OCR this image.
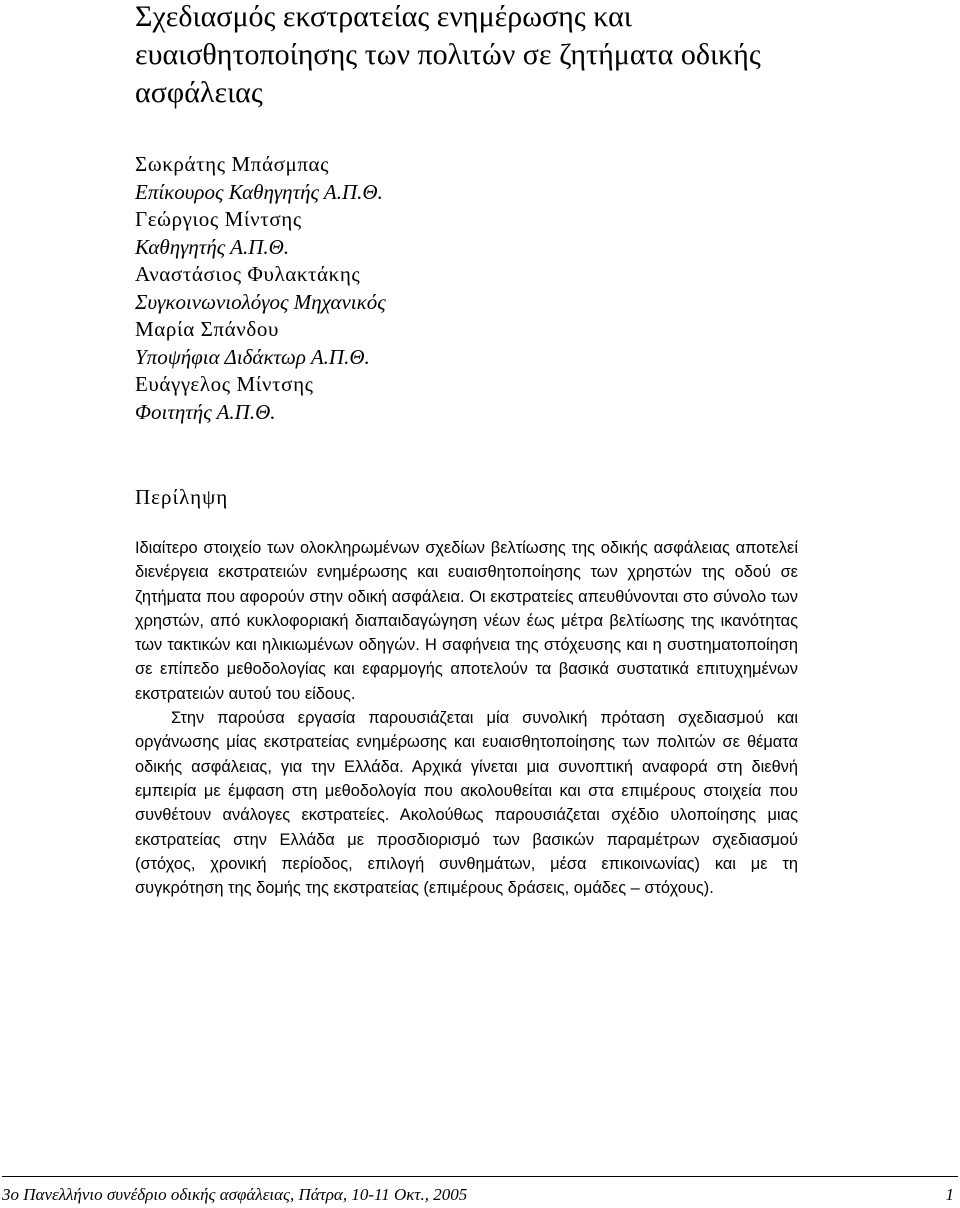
Σχεδιασμός εκστρατείας ενημέρωσης και ευαισθητοποίησης των πολιτών σε ζητήματα οδικής ασφάλειας
Σωκράτης Μπάσμπας
Επίκουρος Καθηγητής Α.Π.Θ.
Γεώργιος Μίντσης
Καθηγητής Α.Π.Θ.
Αναστάσιος Φυλακτάκης
Συγκοινωνιολόγος Μηχανικός
Μαρία Σπάνδου
Υποψήφια Διδάκτωρ Α.Π.Θ.
Ευάγγελος Μίντσης
Φοιτητής Α.Π.Θ.
Περίληψη

Ιδιαίτερο στοιχείο των ολοκληρωμένων σχεδίων βελτίωσης της οδικής ασφάλειας αποτελεί διενέργεια εκστρατειών ενημέρωσης και ευαισθητοποίησης των χρηστών της οδού σε ζητήματα που αφορούν στην οδική ασφάλεια. Οι εκστρατείες απευθύνονται στο σύνολο των χρηστών, από κυκλοφοριακή διαπαιδαγώγηση νέων έως μέτρα βελτίωσης της ικανότητας των τακτικών και ηλικιωμένων οδηγών. Η σαφήνεια της στόχευσης και η συστηματοποίηση σε επίπεδο μεθοδολογίας και εφαρμογής αποτελούν τα βασικά συστατικά επιτυχημένων εκστρατειών αυτού του είδους.

Στην παρούσα εργασία παρουσιάζεται μία συνολική πρόταση σχεδιασμού και οργάνωσης μίας εκστρατείας ενημέρωσης και ευαισθητοποίησης των πολιτών σε θέματα οδικής ασφάλειας, για την Ελλάδα. Αρχικά γίνεται μια συνοπτική αναφορά στη διεθνή εμπειρία με έμφαση στη μεθοδολογία που ακολουθείται και στα επιμέρους στοιχεία που συνθέτουν ανάλογες εκστρατείες. Ακολούθως παρουσιάζεται σχέδιο υλοποίησης μιας εκστρατείας στην Ελλάδα με προσδιορισμό των βασικών παραμέτρων σχεδιασμού (στόχος, χρονική περίοδος, επιλογή συνθημάτων, μέσα επικοινωνίας) και με τη συγκρότηση της δομής της εκστρατείας (επιμέρους δράσεις, ομάδες – στόχους).

3ο Πανελλήνιο συνέδριο οδικής ασφάλειας, Πάτρα, 10-11 Οκτ., 2005	1
